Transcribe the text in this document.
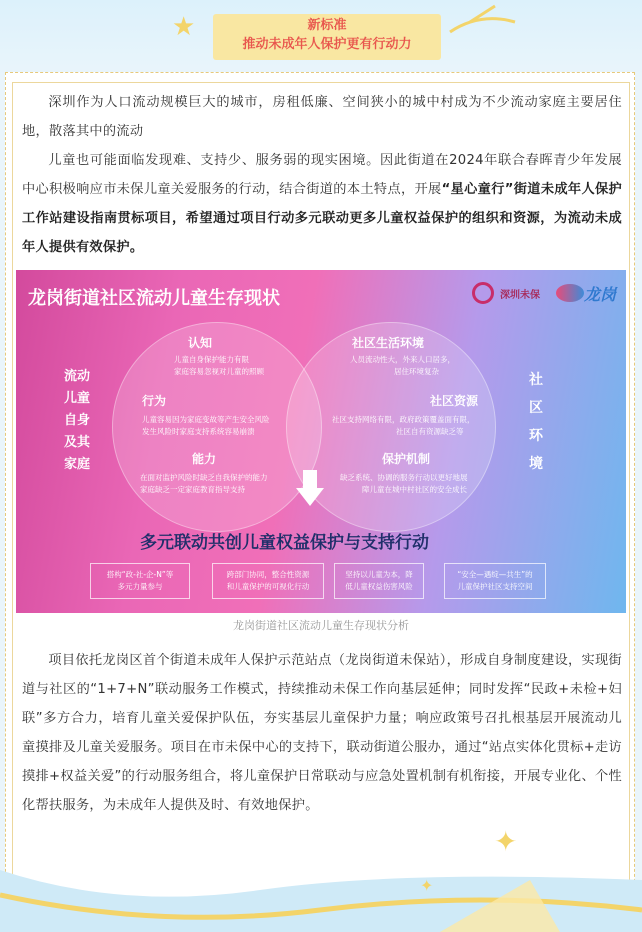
★	新标准
推动未成年人保护更有行动力

深圳作为人口流动规模巨大的城市，房租低廉、空间狭小的城中村成为不少流动家庭主要居住地，散落其中的流动

儿童也可能面临发现难、支持少、服务弱的现实困境。因此街道在2024年联合春晖青少年发展中心积极响应市未保儿童关爱服务的行动，结合街道的本土特点，开展“星心童行”街道未成年人保护工作站建设指南贯标项目，希望通过项目行动多元联动更多儿童权益保护的组织和资源，为流动未成年人提供有效保护。

龙岗街道社区流动儿童生存现状	深圳未保	龙岗
流动
儿童
自身
及其
家庭
社
区
环
境
认知
儿童自身保护能力有限
家庭容易忽视对儿童的照顾
行为
儿童容易因为家庭变故等产生安全风险
发生风险时家庭支持系统容易崩溃
能力
在面对监护风险时缺乏自我保护的能力
家庭缺乏一定家庭教育指导支持
社区生活环境
人员流动性大，外来人口居多，
居住环境复杂
社区资源
社区支持网络有限，政府政策覆盖面有限，
社区自有资源缺乏等
保护机制
缺乏系统、协调的服务行动以更好地展
障儿童在城中村社区的安全成长
多元联动共创儿童权益保护与支持行动
搭构“政-社-企-N”等
多元力量参与
跨部门协同，整合性资源
和儿童保护的可视化行动
坚持以儿童为本，降
低儿童权益伤害风险
“安全—遇绽—共生”的
儿童保护社区支持空间
龙岗街道社区流动儿童生存现状分析

项目依托龙岗区首个街道未成年人保护示范站点（龙岗街道未保站），形成自身制度建设，实现街道与社区的“1+7+N”联动服务工作模式，持续推动未保工作向基层延伸；同时发挥“民政+未检+妇联”多方合力，培育儿童关爱保护队伍，夯实基层儿童保护力量；响应政策号召扎根基层开展流动儿童摸排及儿童关爱服务。项目在市未保中心的支持下，联动街道公服办，通过“站点实体化贯标+走访摸排+权益关爱”的行动服务组合，将儿童保护日常联动与应急处置机制有机衔接，开展专业化、个性化帮扶服务，为未成年人提供及时、有效地保护。

✦
✦
